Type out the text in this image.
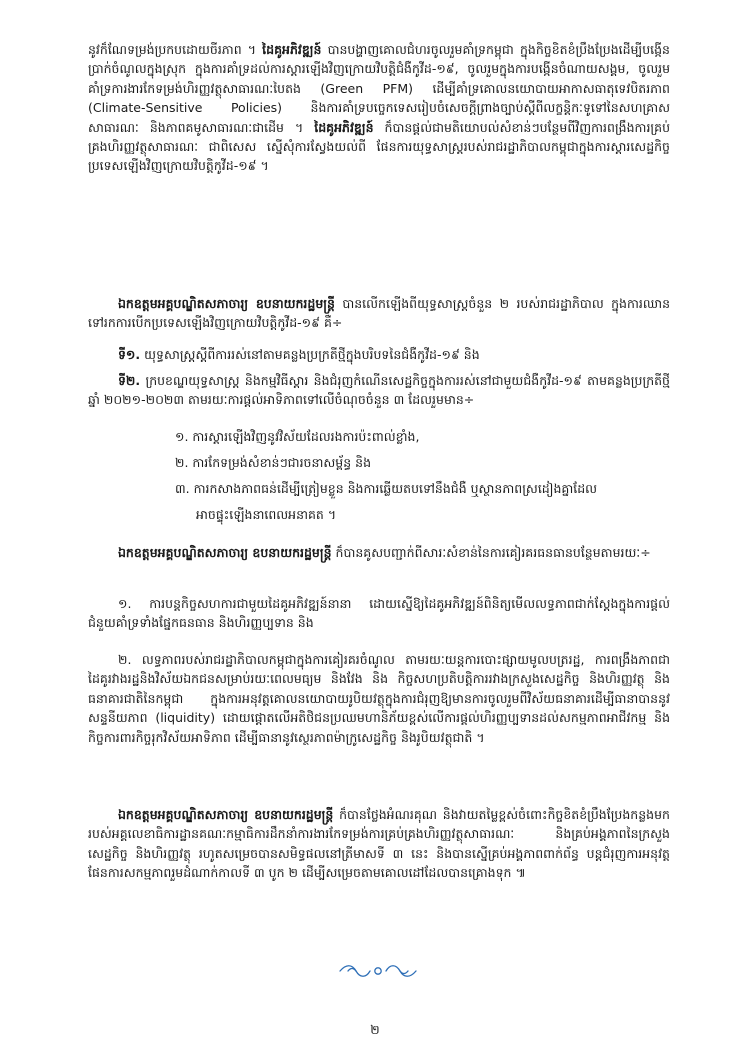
នូវក៏ណែទម្រង់ប្រកបដោយចីរភាព ។ ដៃគូអភិវឌ្ឍន៍ បានបង្ហាញគោលជំហរចូលរួមគាំទ្រកម្ពុជា ក្នុងកិច្ចខិតខំប្រឹងប្រែងដើម្បីបង្កើនប្រាក់ចំណូលក្នុងស្រុក ក្នុងការគាំទ្រដល់ការស្តារឡើងវិញក្រោយវិបត្តិជំងឺកូវីដ-១៩, ចូលរួមក្នុងការបង្កើនចំណាយសង្គម, ចូលរួមគាំទ្រការងារកែទម្រង់ហិរញ្ញវត្ថុសាធារណៈបៃតង (Green PFM) ដើម្បីគាំទ្រគោលនយោបាយអាកាសធាតុទេវបិតរភាព (Climate-Sensitive Policies) និងការគាំទ្របច្ចេកទេសរៀបចំសេចក្តីព្រាងច្បាប់ស្តីពីលក្ខន្តិកៈទូទៅនៃសហគ្រាសសាធារណៈ និងភាពគមូសាធារណៈជាដើម ។ ដៃគូអភិវឌ្ឍន៍ ក៏បានផ្តល់ជាមតិយោបល់សំខាន់ៗបន្ថែមពីវិញការពង្រឹងការគ្រប់គ្រងហិរញ្ញវត្ថុសាធារណៈ ជាពិសេស ស្នើសុំការស្វែងយល់ពី ផែនការយុទ្ធសាស្ត្ររបស់រាជរដ្ឋាភិបាលកម្ពុជាក្នុងការស្តារសេដ្ឋកិច្ចប្រទេសឡើងវិញក្រោយវិបត្តិកូវីដ-១៩ ។
ឯកឧត្តមអគ្គបណ្ឌិតសភាចារ្យ ឧបនាយករដ្ឋមន្ត្រី បានលើកឡើងពីយុទ្ធសាស្ត្រចំនួន ២ របស់រាជរដ្ឋាភិបាល ក្នុងការឈានទៅរកការបើកប្រទេសឡើងវិញក្រោយវិបត្តិកូវីដ-១៩ គឺ÷
ទី១. យុទ្ធសាស្ត្រស្តីពីការរស់នៅតាមគន្លងប្រក្រតីថ្មីក្នុងបរិបទនៃជំងឺកូវីដ-១៩ និង
ទី២. ក្របខណ្ឌយុទ្ធសាស្ត្រ និងកម្មវិធីស្តារ និងជំរុញកំណើនសេដ្ឋកិច្ចក្នុងការរស់នៅជាមួយជំងឺកូវីដ-១៩ តាមគន្លងប្រក្រតីថ្មី ឆ្នាំ ២០២១-២០២៣ តាមរយៈការផ្តល់អាទិភាពទៅលើចំណុចចំនួន ៣ ដែលរួមមាន÷
១. ការស្តារឡើងវិញនូវវិស័យដែលរងការប៉ះពាល់ខ្លាំង,
២. ការកែទម្រង់សំខាន់ៗជារចនាសម្ព័ន្ធ និង
៣. ការកសាងភាពធន់ដើម្បីត្រៀមខ្លួន និងការឆ្លើយតបទៅនឹងជំងឺ ឬស្ថានភាពស្រដៀងគ្នាដែល
អាចផ្ទុះឡើងនាពេលអនាគត ។
ឯកឧត្តមអគ្គបណ្ឌិតសភាចារ្យ ឧបនាយករដ្ឋមន្ត្រី ក៏បានគូសបញ្ជាក់ពីសារៈសំខាន់នៃការគៀរគរធនធានបន្ថែមតាមរយៈ÷
១. ការបន្តកិច្ចសហការជាមួយដៃគូអភិវឌ្ឍន៍នានា ដោយស្នើឱ្យដៃគូអភិវឌ្ឍន៍ពិនិត្យមើលលទ្ធភាពជាក់ស្តែងក្នុងការផ្តល់ជំនួយគាំទ្រទាំងផ្នែកធនធាន និងហិរញ្ញប្បទាន និង
២. លទ្ធភាពរបស់រាជរដ្ឋាភិបាលកម្ពុជាក្នុងការគៀរគរចំណូល តាមរយៈយន្តការបោះផ្សាយមូលបត្ររដ្ឋ, ការពង្រឹងភាពជាដៃគូរវាងរដ្ឋនិងវិស័យឯកជនសម្រាប់រយៈពេលមធ្យម និងវែង និង កិច្ចសហប្រតិបត្តិការរវាងក្រសួងសេដ្ឋកិច្ច និងហិរញ្ញវត្ថុ និងធនាគារជាតិនៃកម្ពុជា ក្នុងការអនុវត្តគោលនយោបាយរូបិយវត្ថុក្នុងការជំរុញឱ្យមានការចូលរួមពីវិស័យធនាគារដើម្បីធានាបាននូវសន្ទនីយភាព (liquidity) ដោយផ្តោតលើអតិថិជនប្រឈមហានិភ័យខ្ពស់លើការផ្តល់ហិរញ្ញប្បទានដល់សកម្មភាពអាជីវកម្ម និងកិច្ចការពារកិច្ចរុកវិស័យអាទិភាព ដើម្បីធានានូវស្ថេរភាពម៉ាក្រូសេដ្ឋកិច្ច និងរូបិយវត្ថុជាតិ ។
ឯកឧត្តមអគ្គបណ្ឌិតសភាចារ្យ ឧបនាយករដ្ឋមន្ត្រី ក៏បានថ្លែងអំណរគុណ និងវាយតម្លៃខ្ពស់ចំពោះកិច្ចខិតខំប្រឹងប្រែងកន្លងមក របស់អគ្គលេខាធិការដ្ឋានគណៈកម្មាធិការដឹកនាំការងារកែទម្រង់ការគ្រប់គ្រងហិរញ្ញវត្ថុសាធារណៈ និងគ្រប់អង្គភាពនៃក្រសួងសេដ្ឋកិច្ច និងហិរញ្ញវត្ថុ រហូតសម្រេចបានសមិទ្ធផលនៅត្រីមាសទី ៣ នេះ និងបានស្នើគ្រប់អង្គភាពពាក់ព័ន្ធ បន្តជំរុញការអនុវត្តផែនការសកម្មភាពរួមដំណាក់កាលទី ៣ បូក ២ ដើម្បីសម្រេចតាមគោលដៅដែលបានគ្រោងទុក ៕
២
